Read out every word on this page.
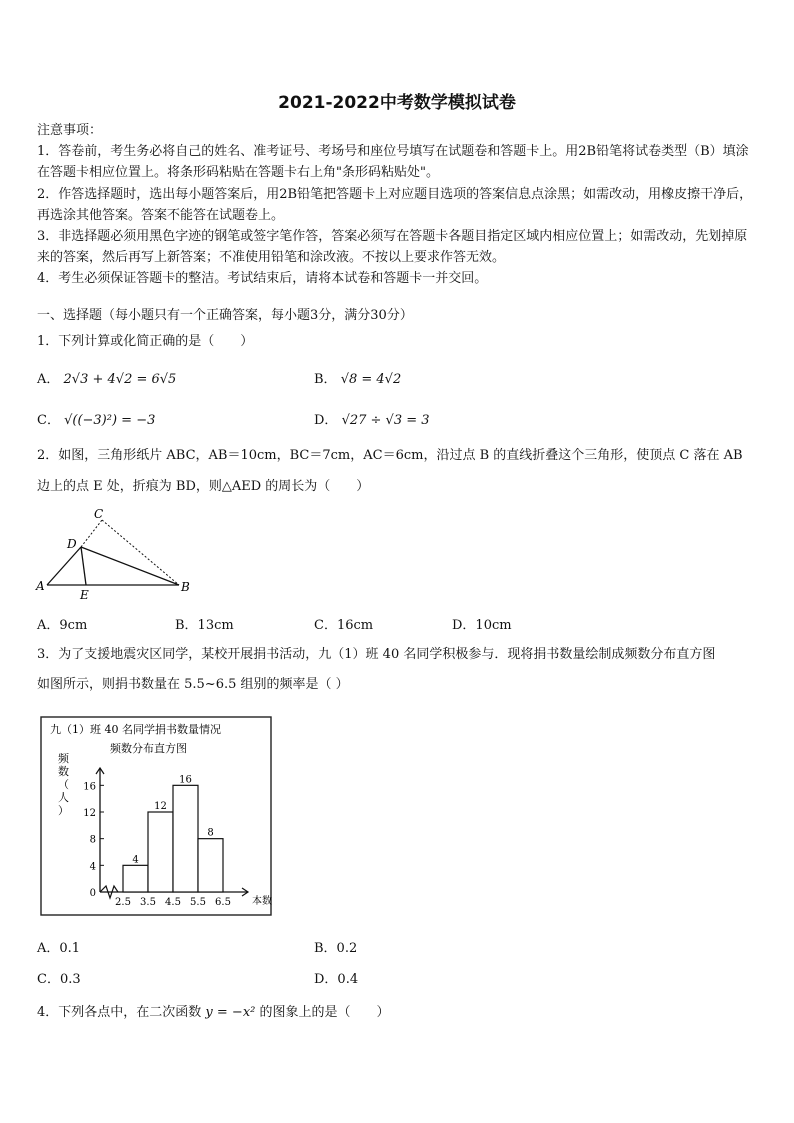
2021-2022中考数学模拟试卷

注意事项：

1．答卷前，考生务必将自己的姓名、准考证号、考场号和座位号填写在试题卷和答题卡上。用2B铅笔将试卷类型（B）填涂在答题卡相应位置上。将条形码粘贴在答题卡右上角"条形码粘贴处"。

2．作答选择题时，选出每小题答案后，用2B铅笔把答题卡上对应题目选项的答案信息点涂黑；如需改动，用橡皮擦干净后，再选涂其他答案。答案不能答在试题卷上。

3．非选择题必须用黑色字迹的钢笔或签字笔作答，答案必须写在答题卡各题目指定区域内相应位置上；如需改动，先划掉原来的答案，然后再写上新答案；不准使用铅笔和涂改液。不按以上要求作答无效。

4．考生必须保证答题卡的整洁。考试结束后，请将本试卷和答题卡一并交回。

一、选择题（每小题只有一个正确答案，每小题3分，满分30分）
1．下列计算或化简正确的是（　　）
A． 2√3 + 4√2 = 6√5	B． √8 = 4√2
C． √((−3)²) = −3	D． √27 ÷ √3 = 3
2．如图，三角形纸片 ABC，AB＝10cm，BC＝7cm，AC＝6cm，沿过点 B 的直线折叠这个三角形，使顶点 C 落在 AB
边上的点 E 处，折痕为 BD，则△AED 的周长为（　　）
A	B
C
D
E
A．9cm	B．13cm	C．16cm	D．10cm
3．为了支援地震灾区同学，某校开展捐书活动，九（1）班 40 名同学积极参与．现将捐书数量绘制成频数分布直方图
如图所示，则捐书数量在 5.5~6.5 组别的频率是（ ）
九（1）班 40 名同学捐书数量情况
频数分布直方图
频数（人）
0
4
8
12
16
4
12
16
8
2.5 3.5 4.5 5.5 6.5 本数
A．0.1	B．0.2
C．0.3	D．0.4
4．下列各点中，在二次函数 y = −x² 的图象上的是（　　）
